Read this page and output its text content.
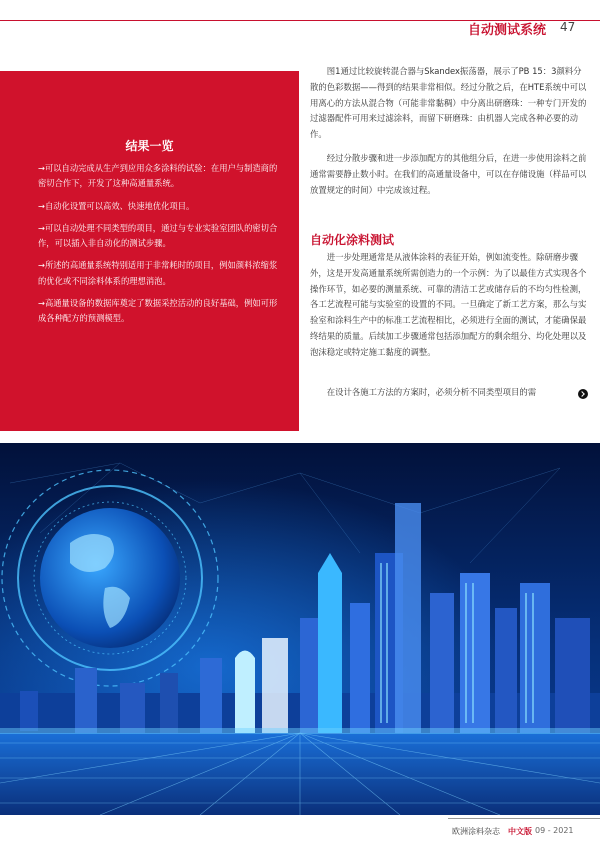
自动测试系统 47
结果一览
→可以自动完成从生产到应用众多涂料的试验：在用户与制造商的密切合作下，开发了这种高通量系统。
→自动化设置可以高效、快速地优化项目。
→可以自动处理不同类型的项目，通过与专业实验室团队的密切合作，可以插入非自动化的测试步骤。
→所述的高通量系统特别适用于非常耗时的项目，例如颜料浓缩浆的优化或不同涂料体系的理想消泡。
→高通量设备的数据库奠定了数据采控活动的良好基础，例如可形成各种配方的预测模型。

图1通过比较旋转混合器与Skandex振荡器，展示了PB 15：3颜料分散的色彩数据——得到的结果非常相似。经过分散之后，在HTE系统中可以用离心的方法从混合物（可能非常黏稠）中分离出研磨珠：一种专门开发的过滤器配件可用来过滤涂料，而留下研磨珠：由机器人完成各种必要的动作。

经过分散步骤和进一步添加配方的其他组分后，在进一步使用涂料之前通常需要静止数小时。在我们的高通量设备中，可以在存储设施（样品可以放置规定的时间）中完成该过程。

自动化涂料测试

进一步处理通常是从液体涂料的表征开始，例如流变性。除研磨步骤外，这是开发高通量系统所需创造力的一个示例：为了以最佳方式实现各个操作环节，如必要的测量系统、可靠的清洁工艺或储存后的不均匀性检测，各工艺流程可能与实验室的设置的不同。一旦确定了新工艺方案，那么与实验室和涂料生产中的标准工艺流程相比，必须进行全面的测试，才能确保最终结果的质量。后续加工步骤通常包括添加配方的剩余组分、均化处理以及泡沫稳定或特定施工黏度的调整。

在设计各施工方法的方案时，必须分析不同类型项目的需

欧洲涂料杂志 中文版 09 - 2021
